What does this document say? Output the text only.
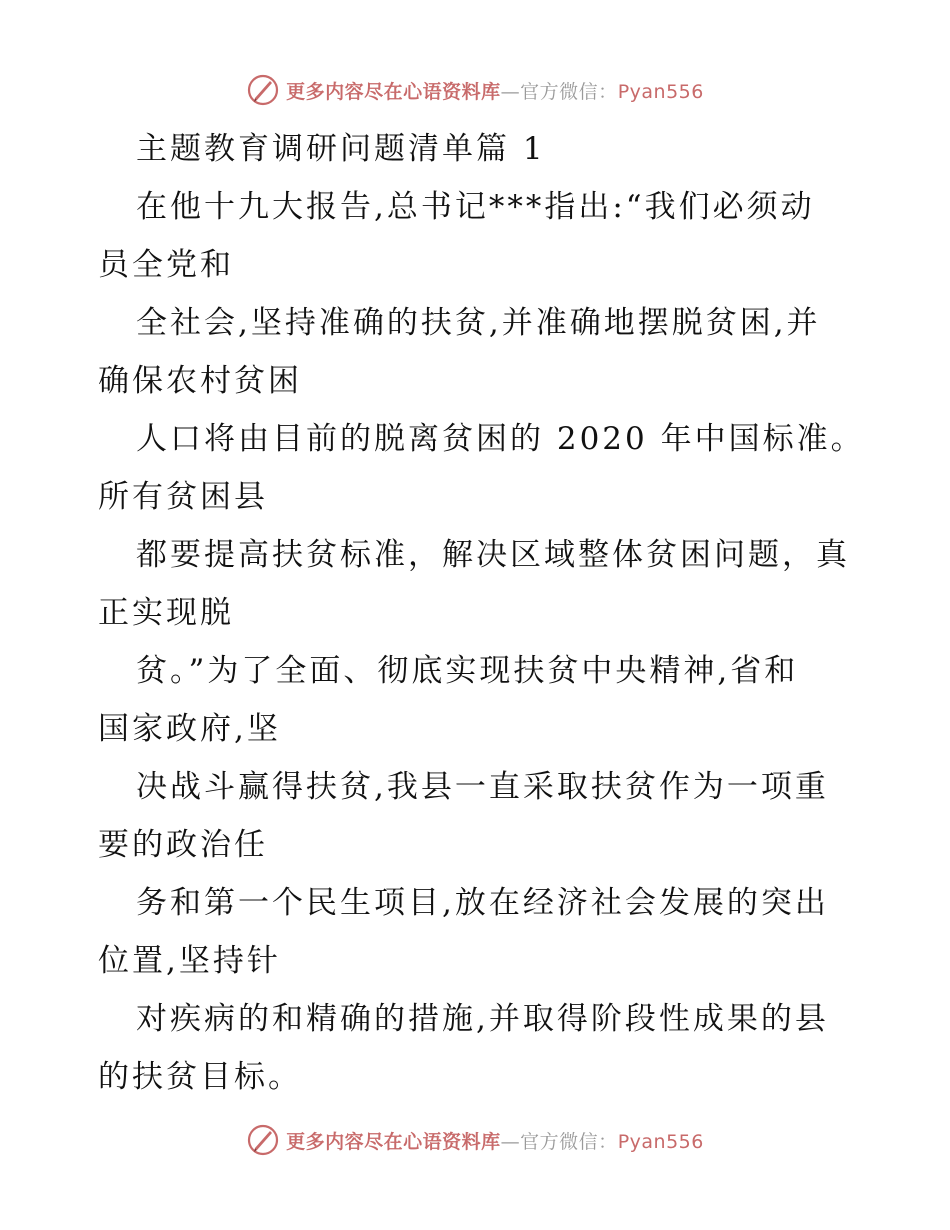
更多内容尽在心语资料库—官方微信：Pyan556
主题教育调研问题清单篇 1
在他十九大报告,总书记***指出:“我们必须动
员全党和
全社会,坚持准确的扶贫,并准确地摆脱贫困,并
确保农村贫困
人口将由目前的脱离贫困的 2020 年中国标准。
所有贫困县
都要提高扶贫标准，解决区域整体贫困问题，真
正实现脱
贫。”为了全面、彻底实现扶贫中央精神,省和
国家政府,坚
决战斗赢得扶贫,我县一直采取扶贫作为一项重
要的政治任
务和第一个民生项目,放在经济社会发展的突出
位置,坚持针
对疾病的和精确的措施,并取得阶段性成果的县
的扶贫目标。
更多内容尽在心语资料库—官方微信：Pyan556
